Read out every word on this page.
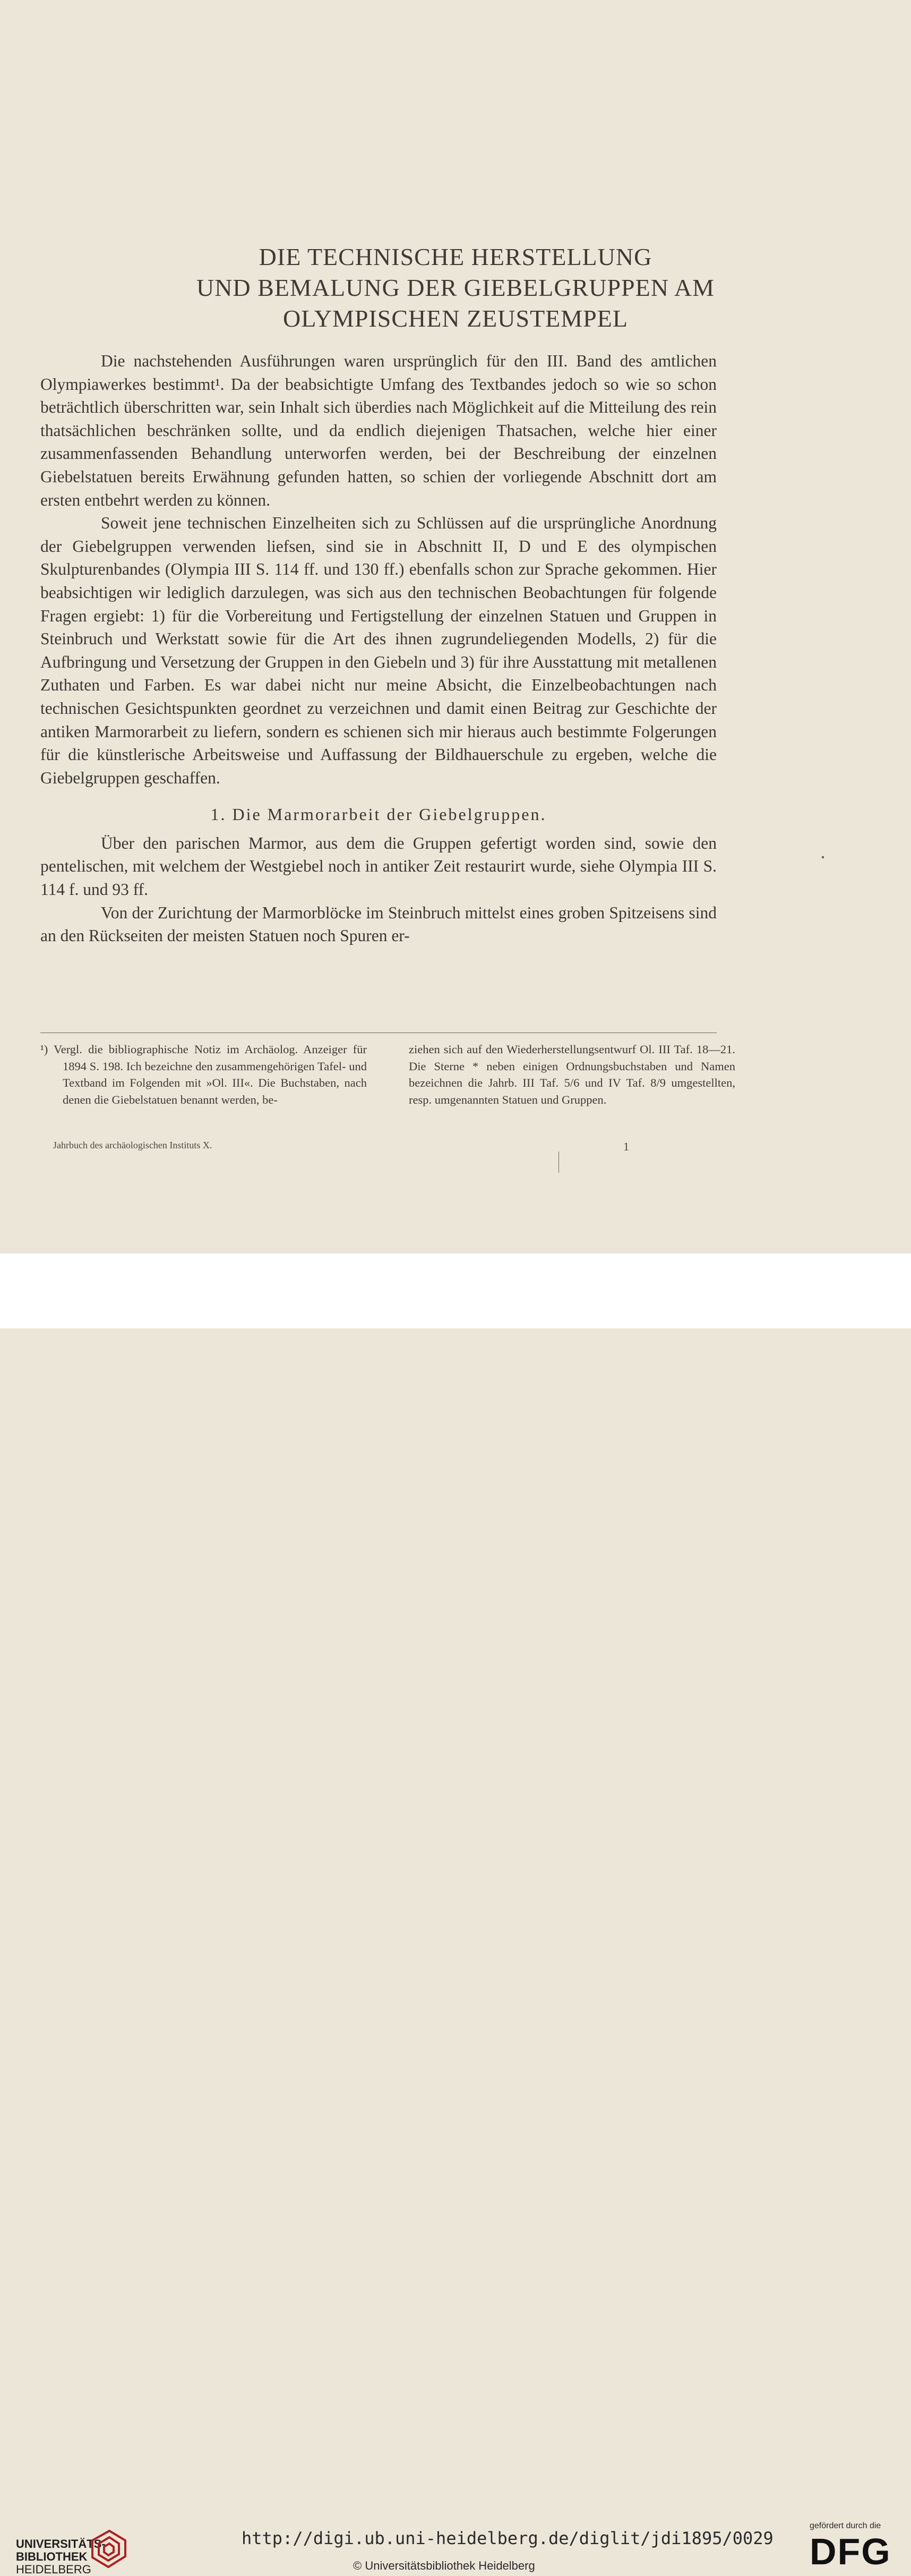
DIE TECHNISCHE HERSTELLUNG
UND BEMALUNG DER GIEBELGRUPPEN AM
OLYMPISCHEN ZEUSTEMPEL

Die nachstehenden Ausführungen waren ursprünglich für den III. Band des amtlichen Olympiawerkes bestimmt¹. Da der beabsichtigte Umfang des Textbandes jedoch so wie so schon beträchtlich überschritten war, sein Inhalt sich überdies nach Möglichkeit auf die Mitteilung des rein thatsächlichen beschränken sollte, und da endlich diejenigen Thatsachen, welche hier einer zusammenfassenden Behandlung unterworfen werden, bei der Beschreibung der einzelnen Giebelstatuen bereits Erwähnung gefunden hatten, so schien der vorliegende Abschnitt dort am ersten entbehrt werden zu können.

Soweit jene technischen Einzelheiten sich zu Schlüssen auf die ursprüngliche Anordnung der Giebelgruppen verwenden liefsen, sind sie in Abschnitt II, D und E des olympischen Skulpturenbandes (Olympia III S. 114 ff. und 130 ff.) ebenfalls schon zur Sprache gekommen. Hier beabsichtigen wir lediglich darzulegen, was sich aus den technischen Beobachtungen für folgende Fragen ergiebt: 1) für die Vorbereitung und Fertigstellung der einzelnen Statuen und Gruppen in Steinbruch und Werkstatt sowie für die Art des ihnen zugrundeliegenden Modells, 2) für die Aufbringung und Versetzung der Gruppen in den Giebeln und 3) für ihre Ausstattung mit metallenen Zuthaten und Farben. Es war dabei nicht nur meine Absicht, die Einzelbeobachtungen nach technischen Gesichtspunkten geordnet zu verzeichnen und damit einen Beitrag zur Geschichte der antiken Marmorarbeit zu liefern, sondern es schienen sich mir hieraus auch bestimmte Folgerungen für die künstlerische Arbeitsweise und Auffassung der Bildhauerschule zu ergeben, welche die Giebelgruppen geschaffen.

1. Die Marmorarbeit der Giebelgruppen.

Über den parischen Marmor, aus dem die Gruppen gefertigt worden sind, sowie den pentelischen, mit welchem der Westgiebel noch in antiker Zeit restaurirt wurde, siehe Olympia III S. 114 f. und 93 ff.

Von der Zurichtung der Marmorblöcke im Steinbruch mittelst eines groben Spitzeisens sind an den Rückseiten der meisten Statuen noch Spuren er-

¹) Vergl. die bibliographische Notiz im Archäolog. Anzeiger für 1894 S. 198. Ich bezeichne den zusammengehörigen Tafel- und Textband im Folgenden mit »Ol. III«. Die Buchstaben, nach denen die Giebelstatuen benannt werden, be-

ziehen sich auf den Wiederherstellungsentwurf Ol. III Taf. 18—21. Die Sterne * neben einigen Ordnungsbuchstaben und Namen bezeichnen die Jahrb. III Taf. 5/6 und IV Taf. 8/9 umgestellten, resp. umgenannten Statuen und Gruppen.

Jahrbuch des archäologischen Instituts X.	1
UNIVERSITÄTS-
BIBLIOTHEK
HEIDELBERG
http://digi.ub.uni-heidelberg.de/diglit/jdi1895/0029
© Universitätsbibliothek Heidelberg
gefördert durch die
DFG
